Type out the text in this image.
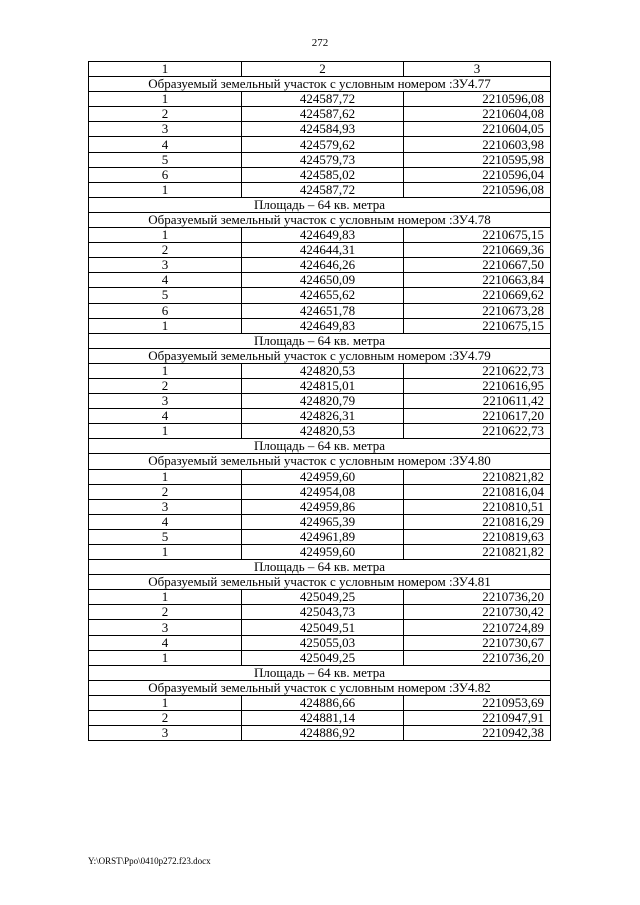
272
1	2	3
Образуемый земельный участок с условным номером :ЗУ4.77		
1	424587,72	2210596,08
2	424587,62	2210604,08
3	424584,93	2210604,05
4	424579,62	2210603,98
5	424579,73	2210595,98
6	424585,02	2210596,04
1	424587,72	2210596,08
Площадь – 64 кв. метра		
Образуемый земельный участок с условным номером :ЗУ4.78		
1	424649,83	2210675,15
2	424644,31	2210669,36
3	424646,26	2210667,50
4	424650,09	2210663,84
5	424655,62	2210669,62
6	424651,78	2210673,28
1	424649,83	2210675,15
Площадь – 64 кв. метра		
Образуемый земельный участок с условным номером :ЗУ4.79		
1	424820,53	2210622,73
2	424815,01	2210616,95
3	424820,79	2210611,42
4	424826,31	2210617,20
1	424820,53	2210622,73
Площадь – 64 кв. метра		
Образуемый земельный участок с условным номером :ЗУ4.80		
1	424959,60	2210821,82
2	424954,08	2210816,04
3	424959,86	2210810,51
4	424965,39	2210816,29
5	424961,89	2210819,63
1	424959,60	2210821,82
Площадь – 64 кв. метра		
Образуемый земельный участок с условным номером :ЗУ4.81		
1	425049,25	2210736,20
2	425043,73	2210730,42
3	425049,51	2210724,89
4	425055,03	2210730,67
1	425049,25	2210736,20
Площадь – 64 кв. метра		
Образуемый земельный участок с условным номером :ЗУ4.82		
1	424886,66	2210953,69
2	424881,14	2210947,91
3	424886,92	2210942,38
Y:\ORST\Ppo\0410p272.f23.docx
